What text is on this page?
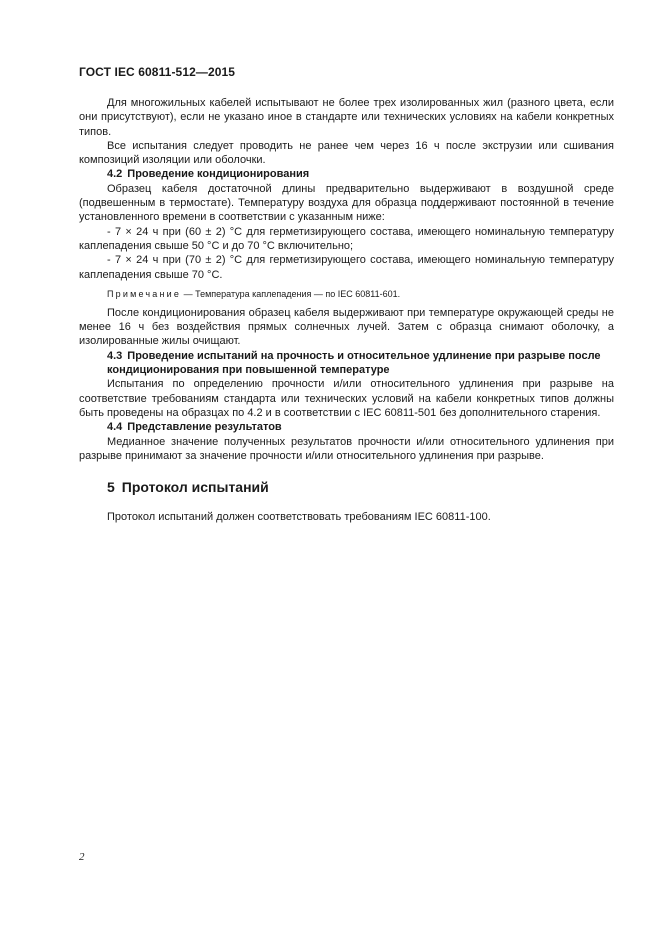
ГОСТ IEC 60811-512—2015

Для многожильных кабелей испытывают не более трех изолированных жил (разного цвета, если они присутствуют), если не указано иное в стандарте или технических условиях на кабели конкретных типов.

Все испытания следует проводить не ранее чем через 16 ч после экструзии или сшивания композиций изоляции или оболочки.

4.2 Проведение кондиционирования

Образец кабеля достаточной длины предварительно выдерживают в воздушной среде (подвешенным в термостате). Температуру воздуха для образца поддерживают постоянной в течение установленного времени в соответствии с указанным ниже:

- 7 × 24 ч при (60 ± 2) °С для герметизирующего состава, имеющего номинальную температуру каплепадения свыше 50 °С и до 70 °С включительно;

- 7 × 24 ч при (70 ± 2) °С для герметизирующего состава, имеющего номинальную температуру каплепадения свыше 70 °С.

Примечание — Температура каплепадения — по IEC 60811-601.

После кондиционирования образец кабеля выдерживают при температуре окружающей среды не менее 16 ч без воздействия прямых солнечных лучей. Затем с образца снимают оболочку, а изолированные жилы очищают.

4.3 Проведение испытаний на прочность и относительное удлинение при разрыве после
кондиционирования при повышенной температуре

Испытания по определению прочности и/или относительного удлинения при разрыве на соответствие требованиям стандарта или технических условий на кабели конкретных типов должны быть проведены на образцах по 4.2 и в соответствии с IEC 60811-501 без дополнительного старения.

4.4 Представление результатов

Медианное значение полученных результатов прочности и/или относительного удлинения при разрыве принимают за значение прочности и/или относительного удлинения при разрыве.

5 Протокол испытаний

Протокол испытаний должен соответствовать требованиям IEC 60811-100.

2
